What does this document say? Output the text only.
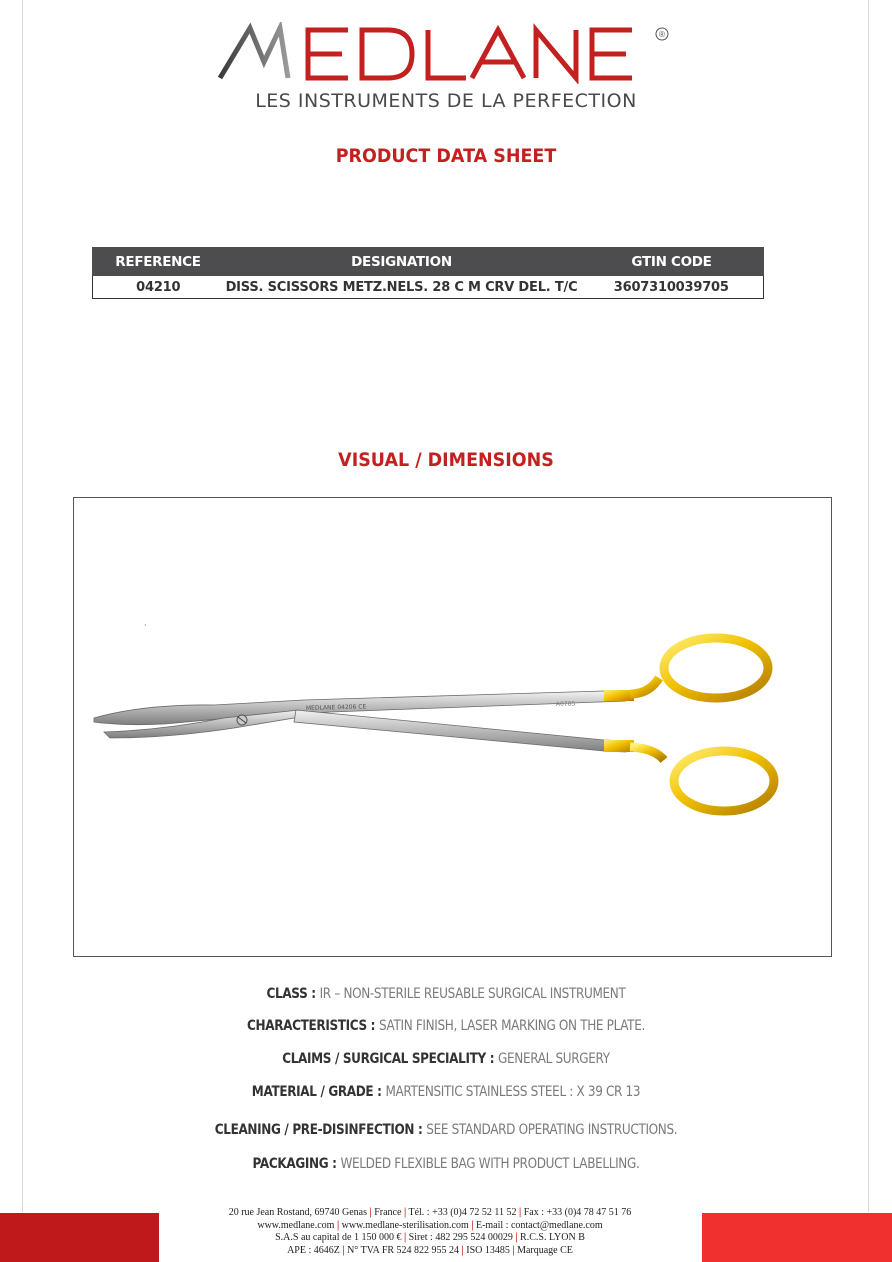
®
LES INSTRUMENTS DE LA PERFECTION
PRODUCT DATA SHEET
REFERENCE	DESIGNATION	GTIN CODE
04210	DISS. SCISSORS METZ.NELS. 28 C M CRV DEL. T/C	3607310039705
VISUAL / DIMENSIONS
MEDLANE 04206 CE	A0785
·
CLASS : IR – NON-STERILE REUSABLE SURGICAL INSTRUMENT
CHARACTERISTICS : SATIN FINISH, LASER MARKING ON THE PLATE.
CLAIMS / SURGICAL SPECIALITY : GENERAL SURGERY
MATERIAL / GRADE : MARTENSITIC STAINLESS STEEL : X 39 CR 13
CLEANING / PRE-DISINFECTION : SEE STANDARD OPERATING INSTRUCTIONS.
PACKAGING : WELDED FLEXIBLE BAG WITH PRODUCT LABELLING.
20 rue Jean Rostand, 69740 Genas | France | Tél. : +33 (0)4 72 52 11 52 | Fax : +33 (0)4 78 47 51 76
www.medlane.com | www.medlane-sterilisation.com | E-mail : contact@medlane.com
S.A.S au capital de 1 150 000 € | Siret : 482 295 524 00029 | R.C.S. LYON B
APE : 4646Z | N° TVA FR 524 822 955 24 | ISO 13485 | Marquage CE
